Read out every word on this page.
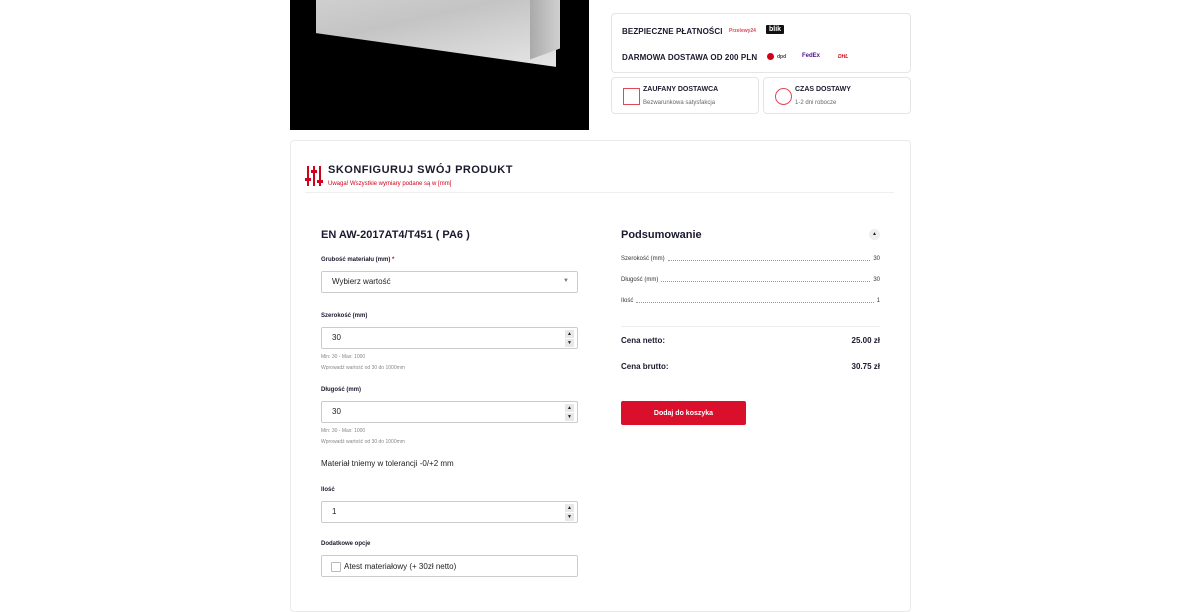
BEZPIECZNE PŁATNOŚCI Przelewy24	blik
DARMOWA DOSTAWA OD 200 PLN	dpd	FedEx	DHL
ZAUFANY DOSTAWCA
Bezwarunkowa satysfakcja
CZAS DOSTAWY
1-2 dni robocze
SKONFIGURUJ SWÓJ PRODUKT
Uwaga! Wszystkie wymiary podane są w [mm]
EN AW-2017AT4/T451 ( PA6 )
Grubość materiału (mm) *
Wybierz wartość	▼
Szerokość (mm)
30
▲
▼
Min: 30 - Max: 1000
Wprowadź wartość od 30 do 1000mm
Długość (mm)
30
▲
▼
Min: 30 - Max: 1000
Wprowadź wartość od 30 do 1000mm
Materiał tniemy w tolerancji -0/+2 mm
Ilość
1
▲
▼
Dodatkowe opcje
Atest materiałowy (+ 30zł netto)
Podsumowanie	▲
Szerokość (mm)	30
Długość (mm)	30
Ilość	1
Cena netto:	25.00 zł
Cena brutto:	30.75 zł
Dodaj do koszyka
